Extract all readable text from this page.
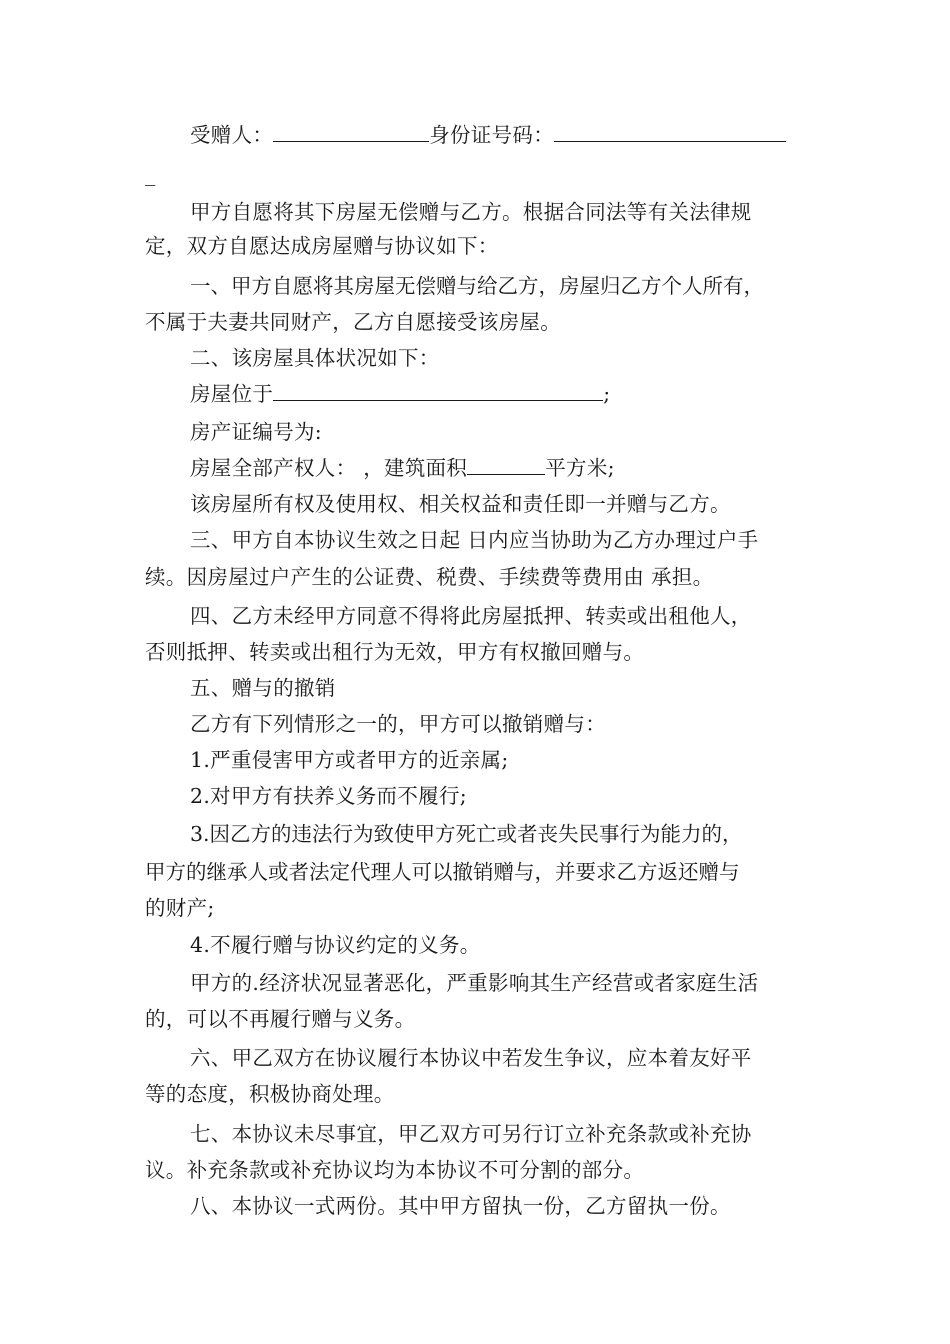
受赠人：	身份证号码：
_
甲方自愿将其下房屋无偿赠与乙方。根据合同法等有关法律规
定，双方自愿达成房屋赠与协议如下：
一、甲方自愿将其房屋无偿赠与给乙方，房屋归乙方个人所有，
不属于夫妻共同财产，乙方自愿接受该房屋。
二、该房屋具体状况如下：
房屋位于	;
房产证编号为:
房屋全部产权人： ，建筑面积	平方米;
该房屋所有权及使用权、相关权益和责任即一并赠与乙方。
三、甲方自本协议生效之日起 日内应当协助为乙方办理过户手
续。因房屋过户产生的公证费、税费、手续费等费用由 承担。
四、乙方未经甲方同意不得将此房屋抵押、转卖或出租他人，
否则抵押、转卖或出租行为无效，甲方有权撤回赠与。
五、赠与的撤销
乙方有下列情形之一的，甲方可以撤销赠与：
1.严重侵害甲方或者甲方的近亲属;
2.对甲方有扶养义务而不履行;
3.因乙方的违法行为致使甲方死亡或者丧失民事行为能力的，
甲方的继承人或者法定代理人可以撤销赠与，并要求乙方返还赠与
的财产;
4.不履行赠与协议约定的义务。
甲方的.经济状况显著恶化，严重影响其生产经营或者家庭生活
的，可以不再履行赠与义务。
六、甲乙双方在协议履行本协议中若发生争议，应本着友好平
等的态度，积极协商处理。
七、本协议未尽事宜，甲乙双方可另行订立补充条款或补充协
议。补充条款或补充协议均为本协议不可分割的部分。
八、本协议一式两份。其中甲方留执一份，乙方留执一份。
